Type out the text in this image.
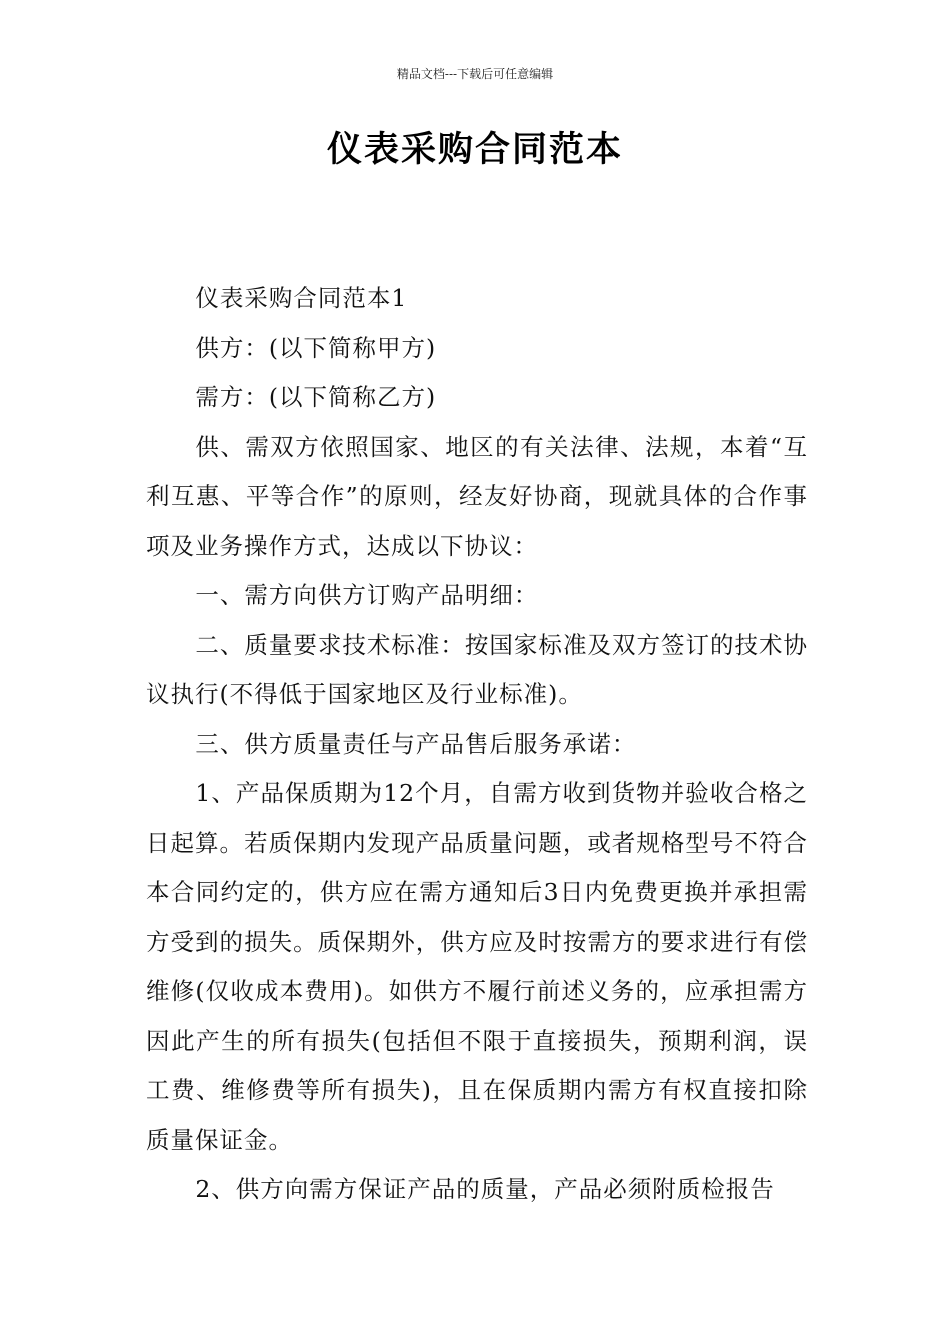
精品文档---下载后可任意编辑
仪表采购合同范本

仪表采购合同范本1

供方：(以下简称甲方)

需方：(以下简称乙方)

供、需双方依照国家、地区的有关法律、法规，本着“互利互惠、平等合作”的原则，经友好协商，现就具体的合作事项及业务操作方式，达成以下协议：

一、需方向供方订购产品明细：

二、质量要求技术标准：按国家标准及双方签订的技术协议执行(不得低于国家地区及行业标准)。

三、供方质量责任与产品售后服务承诺：

1、产品保质期为12个月，自需方收到货物并验收合格之日起算。若质保期内发现产品质量问题，或者规格型号不符合本合同约定的，供方应在需方通知后3日内免费更换并承担需方受到的损失。质保期外，供方应及时按需方的要求进行有偿维修(仅收成本费用)。如供方不履行前述义务的，应承担需方因此产生的所有损失(包括但不限于直接损失，预期利润，误工费、维修费等所有损失)，且在保质期内需方有权直接扣除质量保证金。

2、供方向需方保证产品的质量，产品必须附质检报告
